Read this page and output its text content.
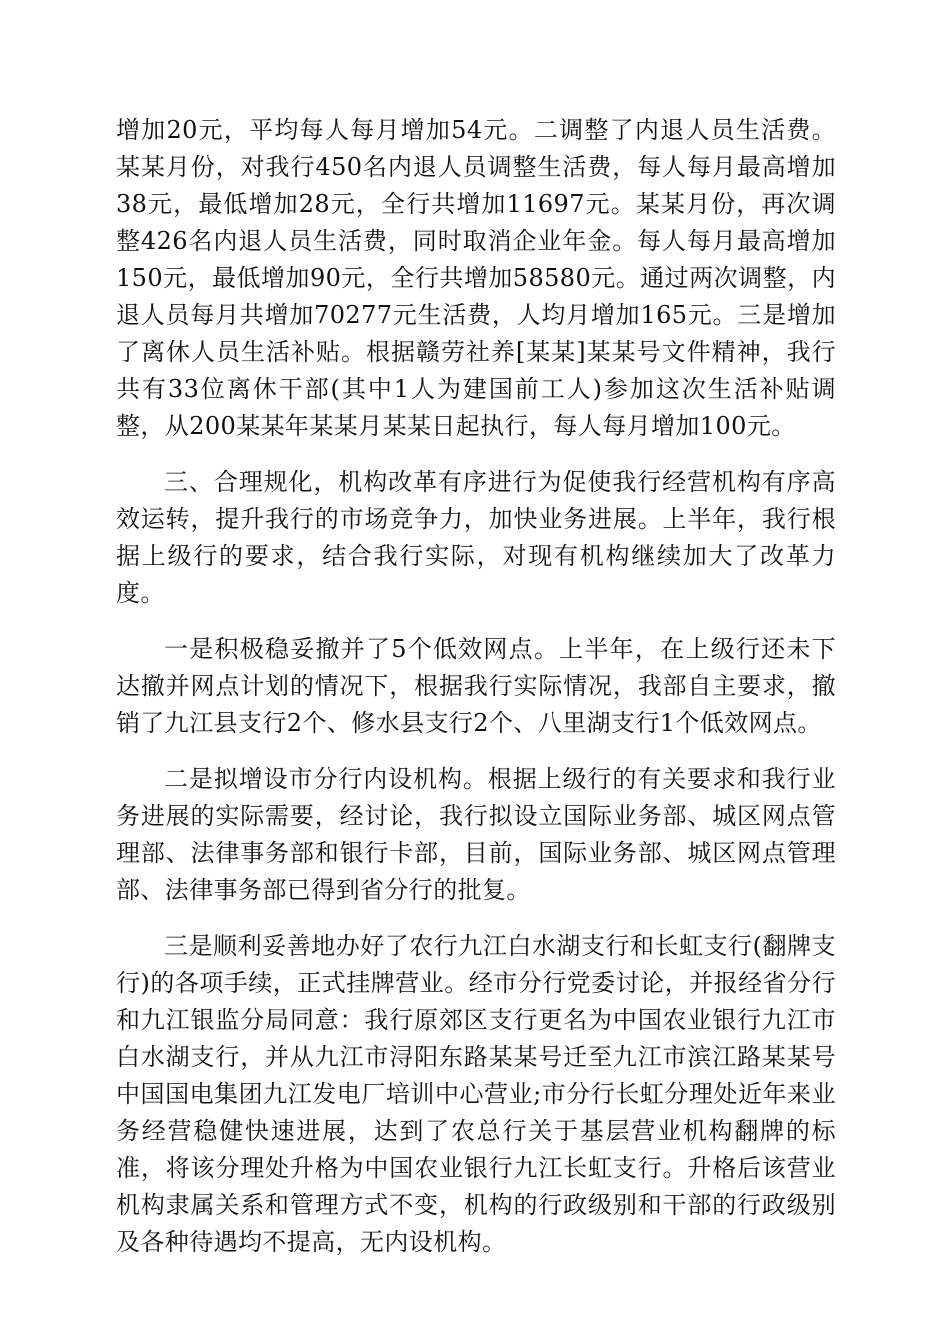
增加20元，平均每人每月增加54元。二调整了内退人员生活费。某某月份，对我行450名内退人员调整生活费，每人每月最高增加38元，最低增加28元，全行共增加11697元。某某月份，再次调整426名内退人员生活费，同时取消企业年金。每人每月最高增加150元，最低增加90元，全行共增加58580元。通过两次调整，内退人员每月共增加70277元生活费，人均月增加165元。三是增加了离休人员生活补贴。根据赣劳社养[某某]某某号文件精神，我行共有33位离休干部(其中1人为建国前工人)参加这次生活补贴调整，从200某某年某某月某某日起执行，每人每月增加100元。

三、合理规化，机构改革有序进行为促使我行经营机构有序高效运转，提升我行的市场竞争力，加快业务进展。上半年，我行根据上级行的要求，结合我行实际，对现有机构继续加大了改革力度。

一是积极稳妥撤并了5个低效网点。上半年，在上级行还未下达撤并网点计划的情况下，根据我行实际情况，我部自主要求，撤销了九江县支行2个、修水县支行2个、八里湖支行1个低效网点。

二是拟增设市分行内设机构。根据上级行的有关要求和我行业务进展的实际需要，经讨论，我行拟设立国际业务部、城区网点管理部、法律事务部和银行卡部，目前，国际业务部、城区网点管理部、法律事务部已得到省分行的批复。

三是顺利妥善地办好了农行九江白水湖支行和长虹支行(翻牌支行)的各项手续，正式挂牌营业。经市分行党委讨论，并报经省分行和九江银监分局同意：我行原郊区支行更名为中国农业银行九江市白水湖支行，并从九江市浔阳东路某某号迁至九江市滨江路某某号中国国电集团九江发电厂培训中心营业;市分行长虹分理处近年来业务经营稳健快速进展，达到了农总行关于基层营业机构翻牌的标准，将该分理处升格为中国农业银行九江长虹支行。升格后该营业机构隶属关系和管理方式不变，机构的行政级别和干部的行政级别及各种待遇均不提高，无内设机构。
